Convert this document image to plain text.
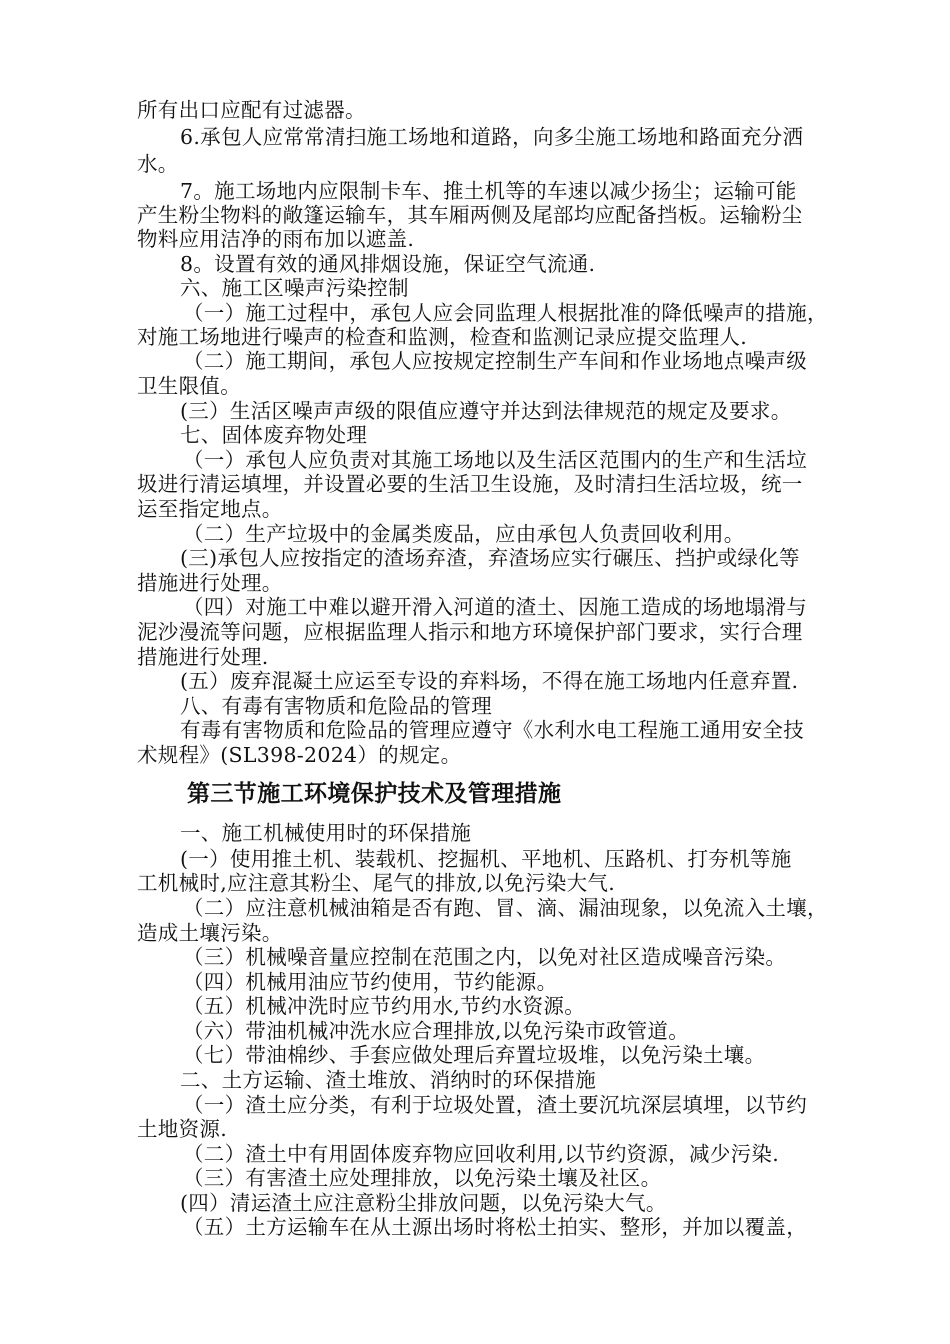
所有出口应配有过滤器。
6.承包人应常常清扫施工场地和道路，向多尘施工场地和路面充分洒
水。
7。施工场地内应限制卡车、推土机等的车速以减少扬尘；运输可能
产生粉尘物料的敞篷运输车，其车厢两侧及尾部均应配备挡板。运输粉尘
物料应用洁净的雨布加以遮盖.
8。设置有效的通风排烟设施，保证空气流通.
六、施工区噪声污染控制
（一）施工过程中，承包人应会同监理人根据批准的降低噪声的措施，
对施工场地进行噪声的检查和监测，检查和监测记录应提交监理人.
（二）施工期间，承包人应按规定控制生产车间和作业场地点噪声级
卫生限值。
(三）生活区噪声声级的限值应遵守并达到法律规范的规定及要求。
七、固体废弃物处理
（一）承包人应负责对其施工场地以及生活区范围内的生产和生活垃
圾进行清运填埋，并设置必要的生活卫生设施，及时清扫生活垃圾，统一
运至指定地点。
（二）生产垃圾中的金属类废品，应由承包人负责回收利用。
(三)承包人应按指定的渣场弃渣，弃渣场应实行碾压、挡护或绿化等
措施进行处理。
（四）对施工中难以避开滑入河道的渣土、因施工造成的场地塌滑与
泥沙漫流等问题，应根据监理人指示和地方环境保护部门要求，实行合理
措施进行处理.
(五）废弃混凝土应运至专设的弃料场，不得在施工场地内任意弃置.
八、有毒有害物质和危险品的管理
有毒有害物质和危险品的管理应遵守《水利水电工程施工通用安全技
术规程》(SL398-2024）的规定。
第三节施工环境保护技术及管理措施
一、施工机械使用时的环保措施
(一）使用推土机、装载机、挖掘机、平地机、压路机、打夯机等施
工机械时,应注意其粉尘、尾气的排放,以免污染大气.
（二）应注意机械油箱是否有跑、冒、滴、漏油现象，以免流入土壤，
造成土壤污染。
（三）机械噪音量应控制在范围之内，以免对社区造成噪音污染。
（四）机械用油应节约使用，节约能源。
（五）机械冲洗时应节约用水,节约水资源。
（六）带油机械冲洗水应合理排放,以免污染市政管道。
（七）带油棉纱、手套应做处理后弃置垃圾堆，以免污染土壤。
二、土方运输、渣土堆放、消纳时的环保措施
（一）渣土应分类，有利于垃圾处置，渣土要沉坑深层填埋，以节约
土地资源.
（二）渣土中有用固体废弃物应回收利用,以节约资源，减少污染.
（三）有害渣土应处理排放，以免污染土壤及社区。
(四）清运渣土应注意粉尘排放问题，以免污染大气。
（五）土方运输车在从土源出场时将松土拍实、整形，并加以覆盖，
